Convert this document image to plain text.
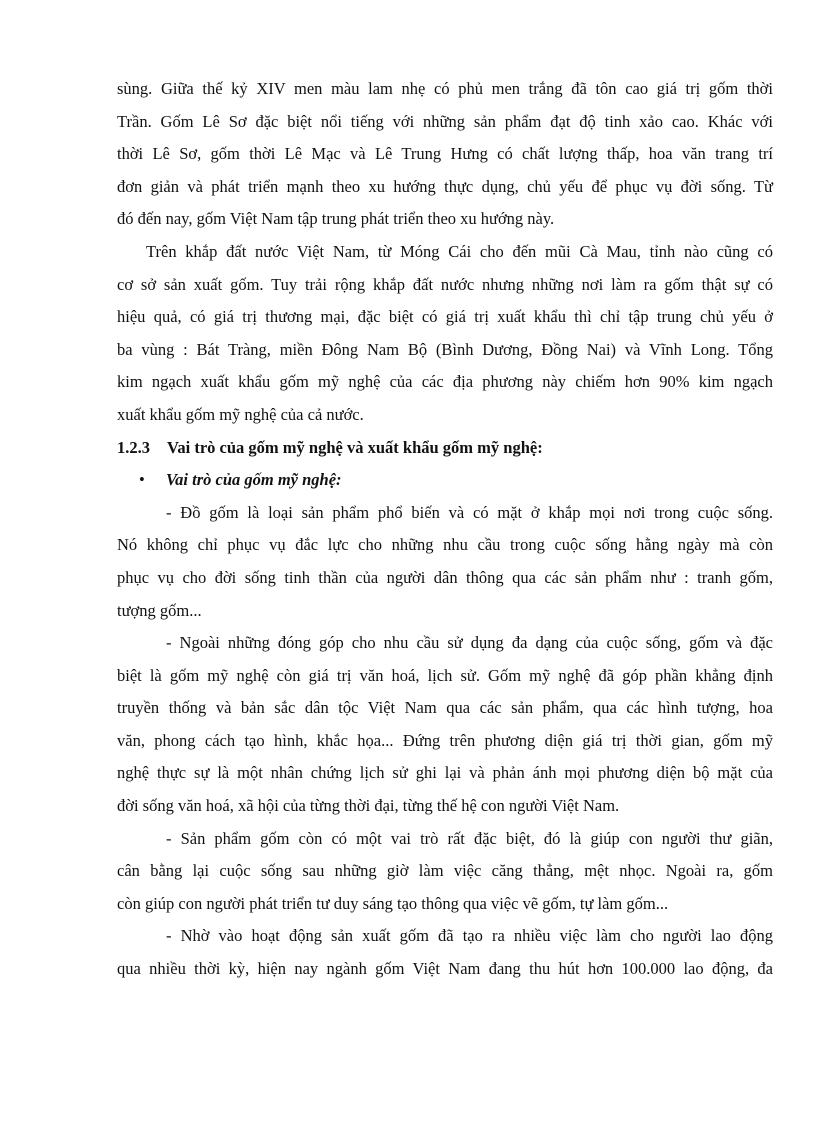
sùng. Giữa thế kỷ XIV men màu lam nhẹ có phủ men trắng đã tôn cao giá trị gốm thời
Trần. Gốm Lê Sơ đặc biệt nổi tiếng với những sản phẩm đạt độ tinh xảo cao. Khác với
thời Lê Sơ, gốm thời Lê Mạc và Lê Trung Hưng có chất lượng thấp, hoa văn trang trí
đơn giản và phát triển mạnh theo xu hướng thực dụng, chủ yếu để phục vụ đời sống. Từ
đó đến nay, gốm Việt Nam tập trung phát triển theo xu hướng này.
Trên khắp đất nước Việt Nam, từ Móng Cái cho đến mũi Cà Mau, tỉnh nào cũng có
cơ sở sản xuất gốm. Tuy trải rộng khắp đất nước nhưng những nơi làm ra gốm thật sự có
hiệu quả, có giá trị thương mại, đặc biệt có giá trị xuất khẩu thì chỉ tập trung chủ yếu ở
ba vùng : Bát Tràng, miền Đông Nam Bộ (Bình Dương, Đồng Nai) và Vĩnh Long. Tổng
kim ngạch xuất khẩu gốm mỹ nghệ của các địa phương này chiếm hơn 90% kim ngạch
xuất khẩu gốm mỹ nghệ của cả nước.
1.2.3 Vai trò của gốm mỹ nghệ và xuất khẩu gốm mỹ nghệ:
• Vai trò của gốm mỹ nghệ:
- Đồ gốm là loại sản phẩm phổ biến và có mặt ở khắp mọi nơi trong cuộc sống.
Nó không chỉ phục vụ đắc lực cho những nhu cầu trong cuộc sống hằng ngày mà còn
phục vụ cho đời sống tinh thần của người dân thông qua các sản phẩm như : tranh gốm,
tượng gốm...
- Ngoài những đóng góp cho nhu cầu sử dụng đa dạng của cuộc sống, gốm và đặc
biệt là gốm mỹ nghệ còn giá trị văn hoá, lịch sử. Gốm mỹ nghệ đã góp phần khẳng định
truyền thống và bản sắc dân tộc Việt Nam qua các sản phẩm, qua các hình tượng, hoa
văn, phong cách tạo hình, khắc họa... Đứng trên phương diện giá trị thời gian, gốm mỹ
nghệ thực sự là một nhân chứng lịch sử ghi lại và phản ánh mọi phương diện bộ mặt của
đời sống văn hoá, xã hội của từng thời đại, từng thế hệ con người Việt Nam.
- Sản phẩm gốm còn có một vai trò rất đặc biệt, đó là giúp con người thư giãn,
cân bằng lại cuộc sống sau những giờ làm việc căng thẳng, mệt nhọc. Ngoài ra, gốm
còn giúp con người phát triển tư duy sáng tạo thông qua việc vẽ gốm, tự làm gốm...
- Nhờ vào hoạt động sản xuất gốm đã tạo ra nhiều việc làm cho người lao động
qua nhiều thời kỳ, hiện nay ngành gốm Việt Nam đang thu hút hơn 100.000 lao động, đa
